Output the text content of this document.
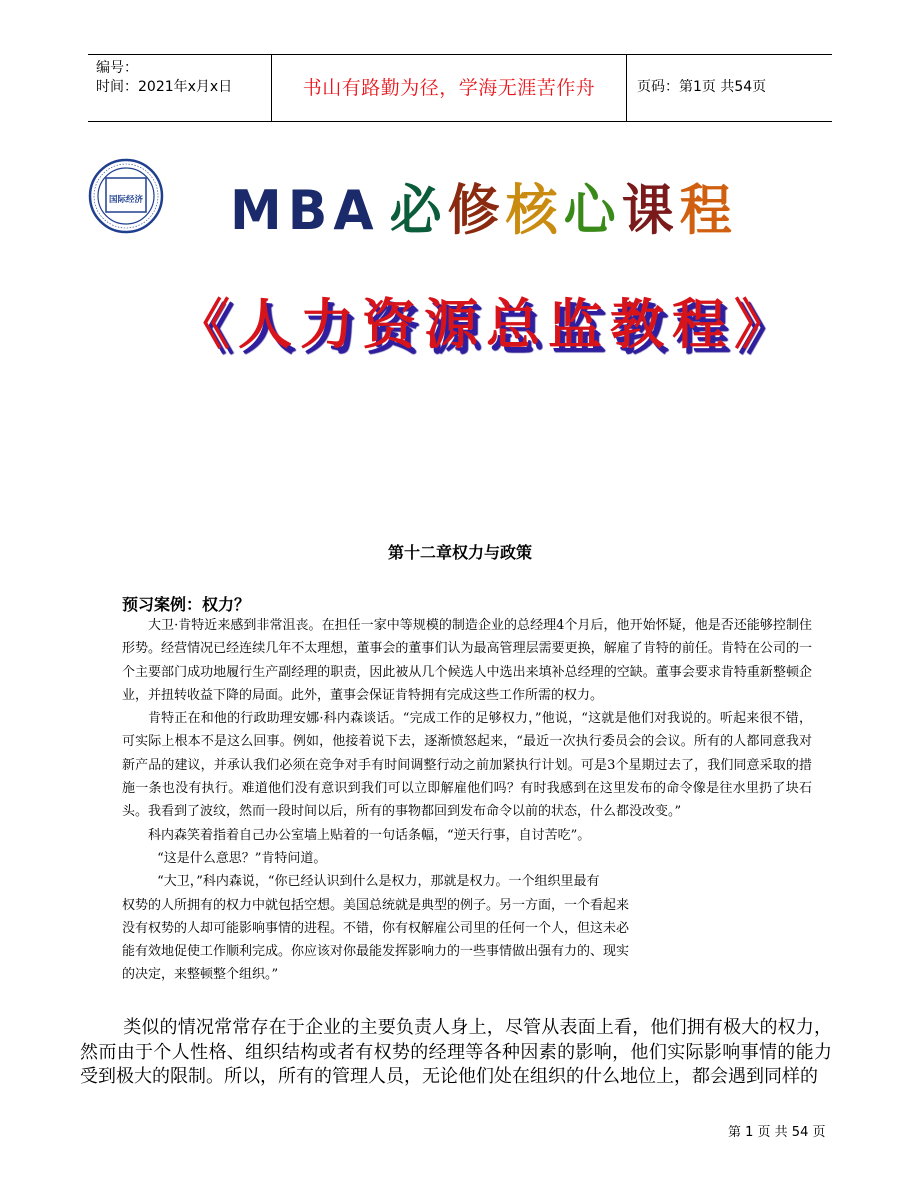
编号：
时间：2021年x月x日	书山有路勤为径，学海无涯苦作舟	页码：第1页 共54页
国际经济 MBA 必修核心课程
《人力资源总监教程》
第十二章权力与政策
预习案例：权力？

大卫·肯特近来感到非常沮丧。在担任一家中等规模的制造企业的总经理4个月后，他开始怀疑，他是否还能够控制住形势。经营情况已经连续几年不太理想，董事会的董事们认为最高管理层需要更换，解雇了肯特的前任。肯特在公司的一个主要部门成功地履行生产副经理的职责，因此被从几个候选人中选出来填补总经理的空缺。董事会要求肯特重新整顿企业，并扭转收益下降的局面。此外，董事会保证肯特拥有完成这些工作所需的权力。

肯特正在和他的行政助理安娜·科内森谈话。“完成工作的足够权力，”他说，“这就是他们对我说的。听起来很不错，可实际上根本不是这么回事。例如，他接着说下去，逐渐愤怒起来，“最近一次执行委员会的会议。所有的人都同意我对新产品的建议，并承认我们必须在竞争对手有时间调整行动之前加紧执行计划。可是3个星期过去了，我们同意采取的措施一条也没有执行。难道他们没有意识到我们可以立即解雇他们吗？有时我感到在这里发布的命令像是往水里扔了块石头。我看到了波纹，然而一段时间以后，所有的事物都回到发布命令以前的状态，什么都没改变。”

科内森笑着指着自己办公室墙上贴着的一句话条幅，“逆天行事，自讨苦吃”。

“这是什么意思？”肯特问道。

“大卫，”科内森说，“你已经认识到什么是权力，那就是权力。一个组织里最有

权势的人所拥有的权力中就包括空想。美国总统就是典型的例子。另一方面，一个看起来

没有权势的人却可能影响事情的进程。不错，你有权解雇公司里的任何一个人，但这未必

能有效地促使工作顺利完成。你应该对你最能发挥影响力的一些事情做出强有力的、现实

的决定，来整顿整个组织。”

类似的情况常常存在于企业的主要负责人身上，尽管从表面上看，他们拥有极大的权力，然而由于个人性格、组织结构或者有权势的经理等各种因素的影响，他们实际影响事情的能力受到极大的限制。所以，所有的管理人员，无论他们处在组织的什么地位上，都会遇到同样的
第 1 页 共 54 页
